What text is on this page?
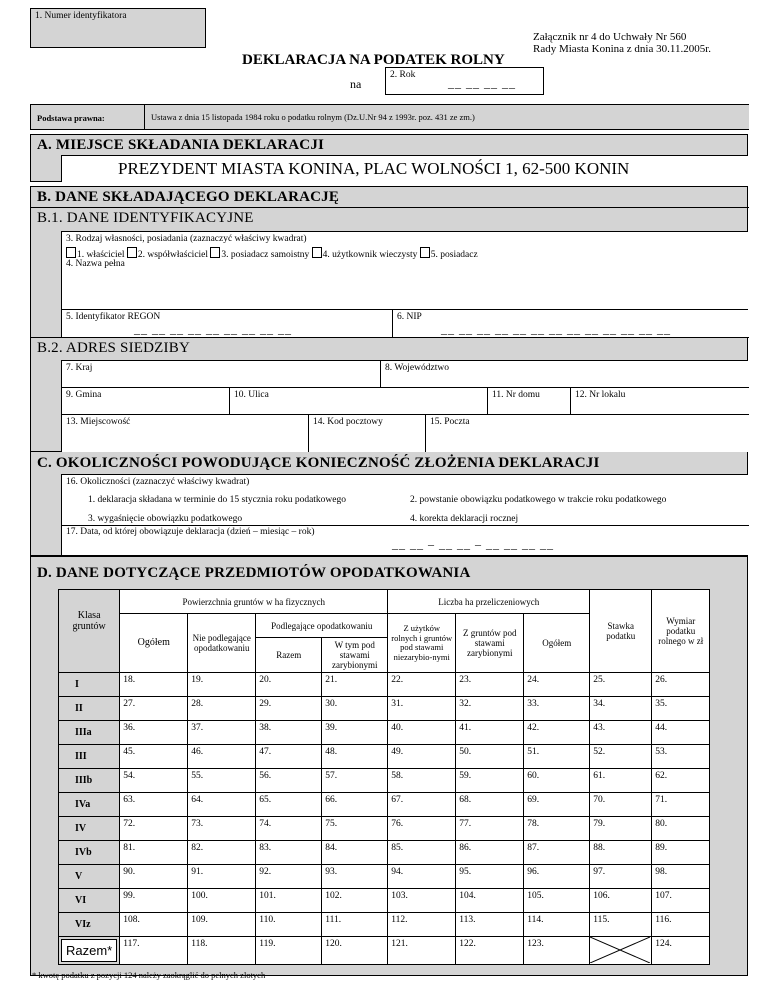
1. Numer identyfikatora
DEKLARACJA NA PODATEK ROLNY
na
2. Rok
__ __ __ __
Załącznik nr 4 do Uchwały Nr 560
Rady Miasta Konina z dnia 30.11.2005r.
Podstawa prawna:	Ustawa z dnia 15 listopada 1984 roku o podatku rolnym (Dz.U.Nr 94 z 1993r. poz. 431 ze zm.)
A. MIEJSCE SKŁADANIA DEKLARACJI
PREZYDENT MIASTA KONINA, PLAC WOLNOŚCI 1, 62-500 KONIN
B. DANE SKŁADAJĄCEGO DEKLARACJĘ
B.1. DANE IDENTYFIKACYJNE
3. Rodzaj własności, posiadania (zaznaczyć właściwy kwadrat)
1. właściciel 2. współwłaściciel 3. posiadacz samoistny 4. użytkownik wieczysty 5. posiadacz
4. Nazwa pełna
5. Identyfikator REGON
__ __ __ __ __ __ __ __ __
6. NIP
__ __ __ __ __ __ __ __ __ __ __ __ __
B.2. ADRES SIEDZIBY
7. Kraj	8. Województwo
9. Gmina	10. Ulica	11. Nr domu	12. Nr lokalu
13. Miejscowość	14. Kod pocztowy	15. Poczta
C. OKOLICZNOŚCI POWODUJĄCE KONIECZNOŚĆ ZŁOŻENIA DEKLARACJI
16. Okoliczności (zaznaczyć właściwy kwadrat)
1. deklaracja składana w terminie do 15 stycznia roku podatkowego	2. powstanie obowiązku podatkowego w trakcie roku podatkowego
3. wygaśnięcie obowiązku podatkowego	4. korekta deklaracji rocznej
17. Data, od której obowiązuje deklaracja (dzień – miesiąc – rok)
__ __ – __ __ – __ __ __ __
D. DANE DOTYCZĄCE PRZEDMIOTÓW OPODATKOWANIA
Klasa gruntów	Powierzchnia gruntów w ha fizycznych				Liczba ha przeliczeniowych			Stawka podatku	Wymiar podatku rolnego w zł
	Ogółem	Nie podlegające opodatkowaniu	Podlegające opodatkowaniu		Z użytków rolnych i gruntów pod stawami niezarybio-nymi	Z gruntów pod stawami zarybionymi	Ogółem		
			Razem	W tym pod stawami zarybionymi					
I	18.	19.	20.	21.	22.	23.	24.	25.	26.
II	27.	28.	29.	30.	31.	32.	33.	34.	35.
IIIa	36.	37.	38.	39.	40.	41.	42.	43.	44.
III	45.	46.	47.	48.	49.	50.	51.	52.	53.
IIIb	54.	55.	56.	57.	58.	59.	60.	61.	62.
IVa	63.	64.	65.	66.	67.	68.	69.	70.	71.
IV	72.	73.	74.	75.	76.	77.	78.	79.	80.
IVb	81.	82.	83.	84.	85.	86.	87.	88.	89.
V	90.	91.	92.	93.	94.	95.	96.	97.	98.
VI	99.	100.	101.	102.	103.	104.	105.	106.	107.
VIz	108.	109.	110.	111.	112.	113.	114.	115.	116.

Razem*	117.	118.	119.	120.	121.	122.	123.		124.
* kwotę podatku z pozycji 124 należy zaokrąglić do pełnych złotych
